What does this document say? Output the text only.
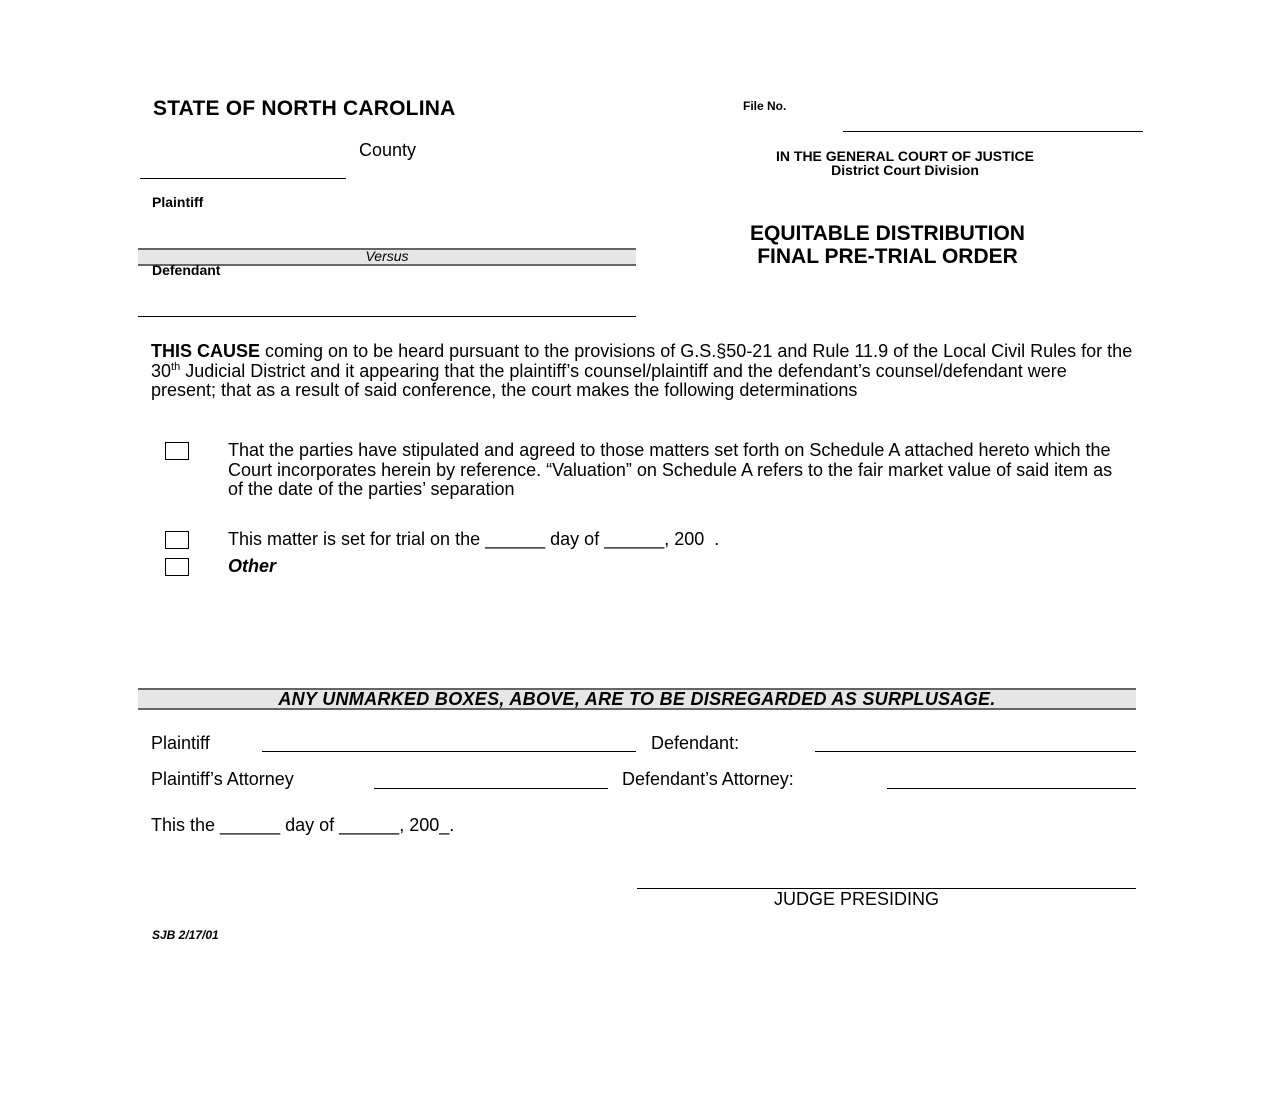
STATE OF NORTH CAROLINA
County
File No.
IN THE GENERAL COURT OF JUSTICE
District Court Division
Plaintiff
Versus
Defendant
EQUITABLE DISTRIBUTION
FINAL PRE-TRIAL ORDER
THIS CAUSE coming on to be heard pursuant to the provisions of G.S.§50-21 and Rule 11.9 of the Local Civil Rules for the 30th Judicial District and it appearing that the plaintiff’s counsel/plaintiff and the defendant’s counsel/defendant were present; that as a result of said conference, the court makes the following determinations
That the parties have stipulated and agreed to those matters set forth on Schedule A attached hereto which the Court incorporates herein by reference. “Valuation” on Schedule A refers to the fair market value of said item as of the date of the parties’ separation
This matter is set for trial on the ______ day of ______, 200  .
Other
ANY UNMARKED BOXES, ABOVE, ARE TO BE DISREGARDED AS SURPLUSAGE.
Plaintiff	Defendant:
Plaintiff’s Attorney	Defendant’s Attorney:
This the ______ day of ______, 200_.
JUDGE PRESIDING
SJB 2/17/01
